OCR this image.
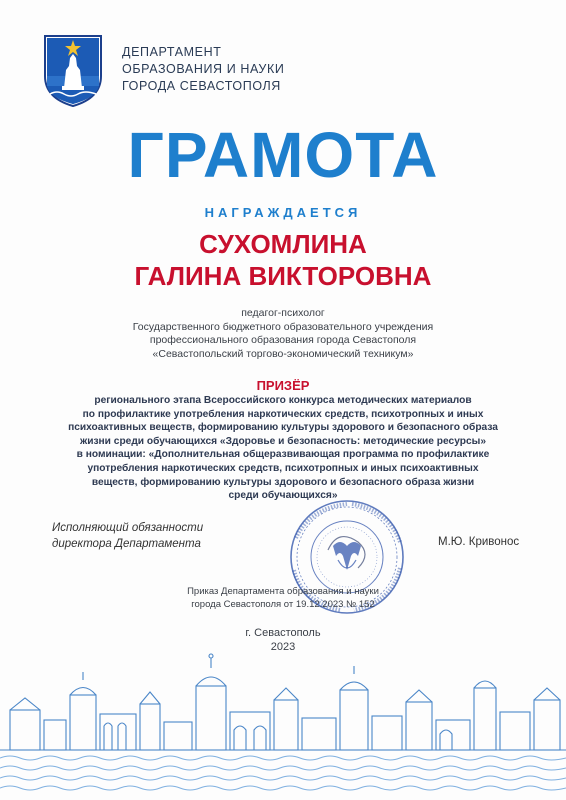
ДЕПАРТАМЕНТ
ОБРАЗОВАНИЯ И НАУКИ
ГОРОДА СЕВАСТОПОЛЯ
ГРАМОТА
НАГРАЖДАЕТСЯ
СУХОМЛИНА
ГАЛИНА ВИКТОРОВНА
педагог-психолог
Государственного бюджетного образовательного учреждения
профессионального образования города Севастополя
«Севастопольский торгово-экономический техникум»
ПРИЗЁР
регионального этапа Всероссийского конкурса методических материалов
по профилактике употребления наркотических средств, психотропных и иных
психоактивных веществ, формированию культуры здорового и безопасного образа
жизни среди обучающихся «Здоровье и безопасность: методические ресурсы»
в номинации: «Дополнительная общеразвивающая программа по профилактике
употребления наркотических средств, психотропных и иных психоактивных
веществ, формированию культуры здорового и безопасного образа жизни
среди обучающихся»
Исполняющий обязанности
директора Департамента	М.Ю. Кривонос
Приказ Департамента образования и науки
города Севастополя от 19.12.2023 № 152
г. Севастополь
2023
